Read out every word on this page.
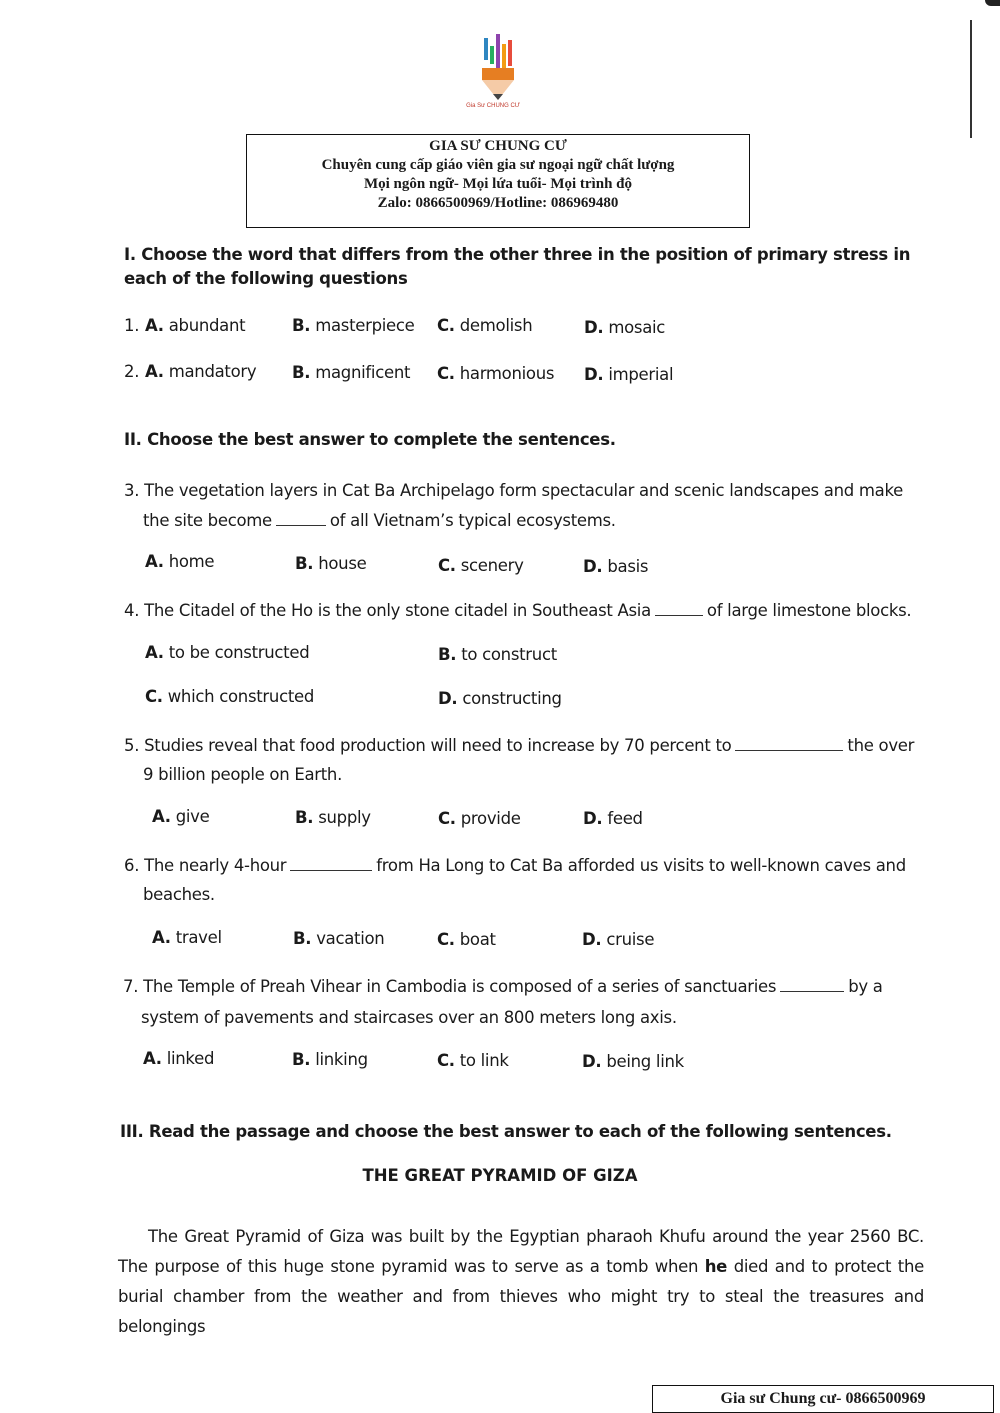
Gia Sư CHUNG CƯ
GIA SƯ CHUNG CƯ
Chuyên cung cấp giáo viên gia sư ngoại ngữ chất lượng
Mọi ngôn ngữ- Mọi lứa tuổi- Mọi trình độ
Zalo: 0866500969/Hotline: 086969480
I. Choose the word that differs from the other three in the position of primary stress in each of the following questions
1. A. abundant	B. masterpiece C. demolish	D. mosaic
2. A. mandatory B. magnificent C. harmonious D. imperial
II. Choose the best answer to complete the sentences.
3. The vegetation layers in Cat Ba Archipelago form spectacular and scenic landscapes and make
the site become	of all Vietnam’s typical ecosystems.
A. home	B. house	C. scenery	D. basis
4. The Citadel of the Ho is the only stone citadel in Southeast Asia	of large limestone blocks.
A. to be constructed	B. to construct
C. which constructed	D. constructing
5. Studies reveal that food production will need to increase by 70 percent to	the over
9 billion people on Earth.
A. give	B. supply	C. provide	D. feed
6. The nearly 4-hour	from Ha Long to Cat Ba afforded us visits to well-known caves and
beaches.
A. travel	B. vacation	C. boat	D. cruise
7. The Temple of Preah Vihear in Cambodia is composed of a series of sanctuaries	by a
system of pavements and staircases over an 800 meters long axis.
A. linked	B. linking	C. to link	D. being link
III. Read the passage and choose the best answer to each of the following sentences.
THE GREAT PYRAMID OF GIZA
The Great Pyramid of Giza was built by the Egyptian pharaoh Khufu around the year 2560 BC. The purpose of this huge stone pyramid was to serve as a tomb when he died and to protect the burial chamber from the weather and from thieves who might try to steal the treasures and belongings
Gia sư Chung cư- 0866500969
